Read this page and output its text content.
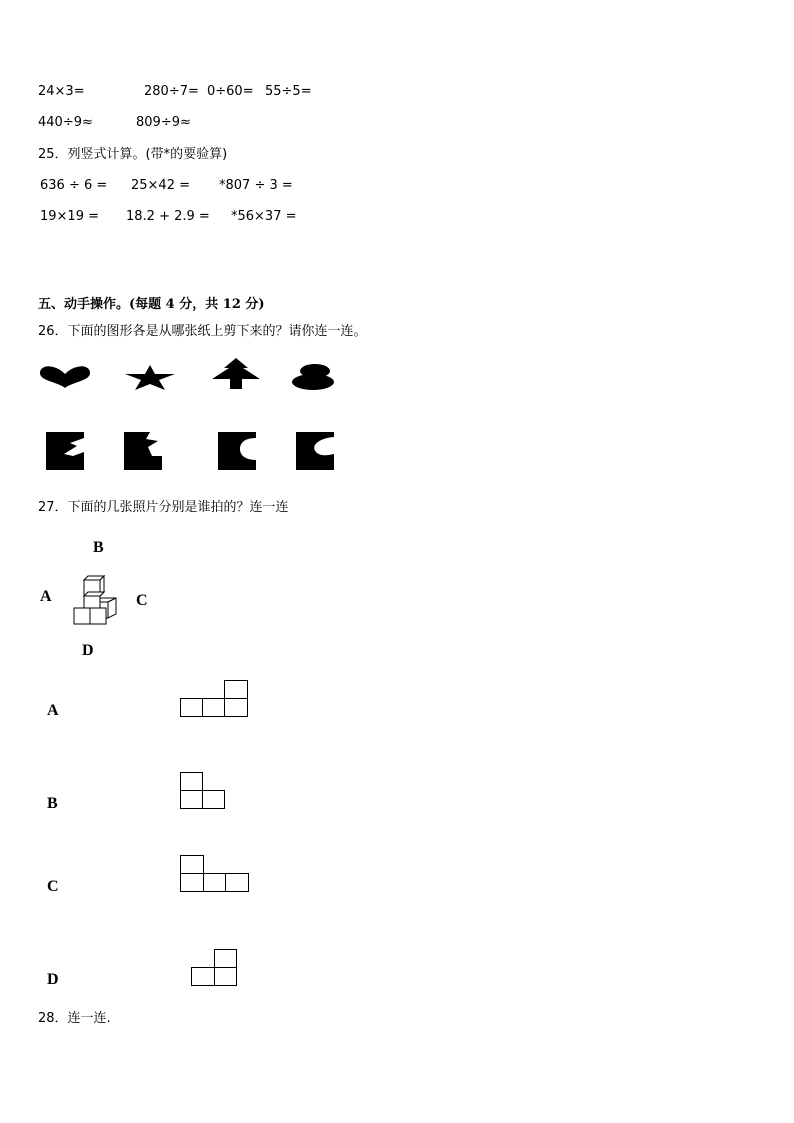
24×3=	280÷7= 0÷60= 55÷5=
440÷9≈	809÷9≈
25．列竖式计算。(带*的要验算)
636 ÷ 6 = 25×42 = *807 ÷ 3 =
19×19 = 18.2 + 2.9 = *56×37 =
五、动手操作。(每题 4 分，共 12 分)
26．下面的图形各是从哪张纸上剪下来的？请你连一连。
27．下面的几张照片分别是谁拍的？连一连
B
A	C
D
A
B
C
D
28．连一连.
